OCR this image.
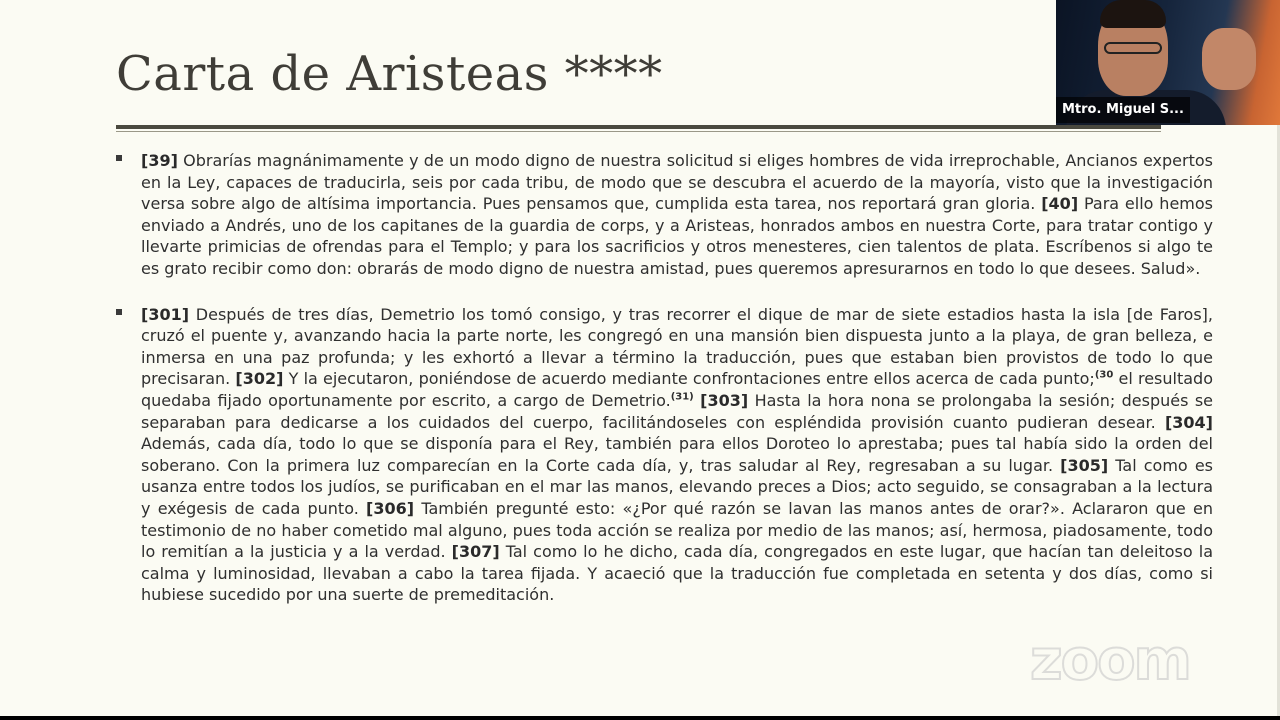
Carta de Aristeas ****
[39] Obrarías magnánimamente y de un modo digno de nuestra solicitud si eliges hombres de vida irreprochable, Ancianos expertos en la Ley, capaces de traducirla, seis por cada tribu, de modo que se descubra el acuerdo de la mayoría, visto que la investigación versa sobre algo de altísima importancia. Pues pensamos que, cumplida esta tarea, nos reportará gran gloria. [40] Para ello hemos enviado a Andrés, uno de los capitanes de la guardia de corps, y a Aristeas, honrados ambos en nuestra Corte, para tratar contigo y llevarte primicias de ofrendas para el Templo; y para los sacrificios y otros menesteres, cien talentos de plata. Escríbenos si algo te es grato recibir como don: obrarás de modo digno de nuestra amistad, pues queremos apresurarnos en todo lo que desees. Salud».
[301] Después de tres días, Demetrio los tomó consigo, y tras recorrer el dique de mar de siete estadios hasta la isla [de Faros], cruzó el puente y, avanzando hacia la parte norte, les congregó en una mansión bien dispuesta junto a la playa, de gran belleza, e inmersa en una paz profunda; y les exhortó a llevar a término la traducción, pues que estaban bien provistos de todo lo que precisaran. [302] Y la ejecutaron, poniéndose de acuerdo mediante confrontaciones entre ellos acerca de cada punto;$^{(30}$ el resultado quedaba fijado oportunamente por escrito, a cargo de Demetrio.$^{(31)}$ [303] Hasta la hora nona se prolongaba la sesión; después se separaban para dedicarse a los cuidados del cuerpo, facilitándoseles con espléndida provisión cuanto pudieran desear. [304] Además, cada día, todo lo que se disponía para el Rey, también para ellos Doroteo lo aprestaba; pues tal había sido la orden del soberano. Con la primera luz comparecían en la Corte cada día, y, tras saludar al Rey, regresaban a su lugar. [305] Tal como es usanza entre todos los judíos, se purificaban en el mar las manos, elevando preces a Dios; acto seguido, se consagraban a la lectura y exégesis de cada punto. [306] También pregunté esto: «¿Por qué razón se lavan las manos antes de orar?». Aclararon que en testimonio de no haber cometido mal alguno, pues toda acción se realiza por medio de las manos; así, hermosa, piadosamente, todo lo remitían a la justicia y a la verdad. [307] Tal como lo he dicho, cada día, congregados en este lugar, que hacían tan deleitoso la calma y luminosidad, llevaban a cabo la tarea fijada. Y acaeció que la traducción fue completada en setenta y dos días, como si hubiese sucedido por una suerte de premeditación.
Mtro. Miguel S...
zoom
